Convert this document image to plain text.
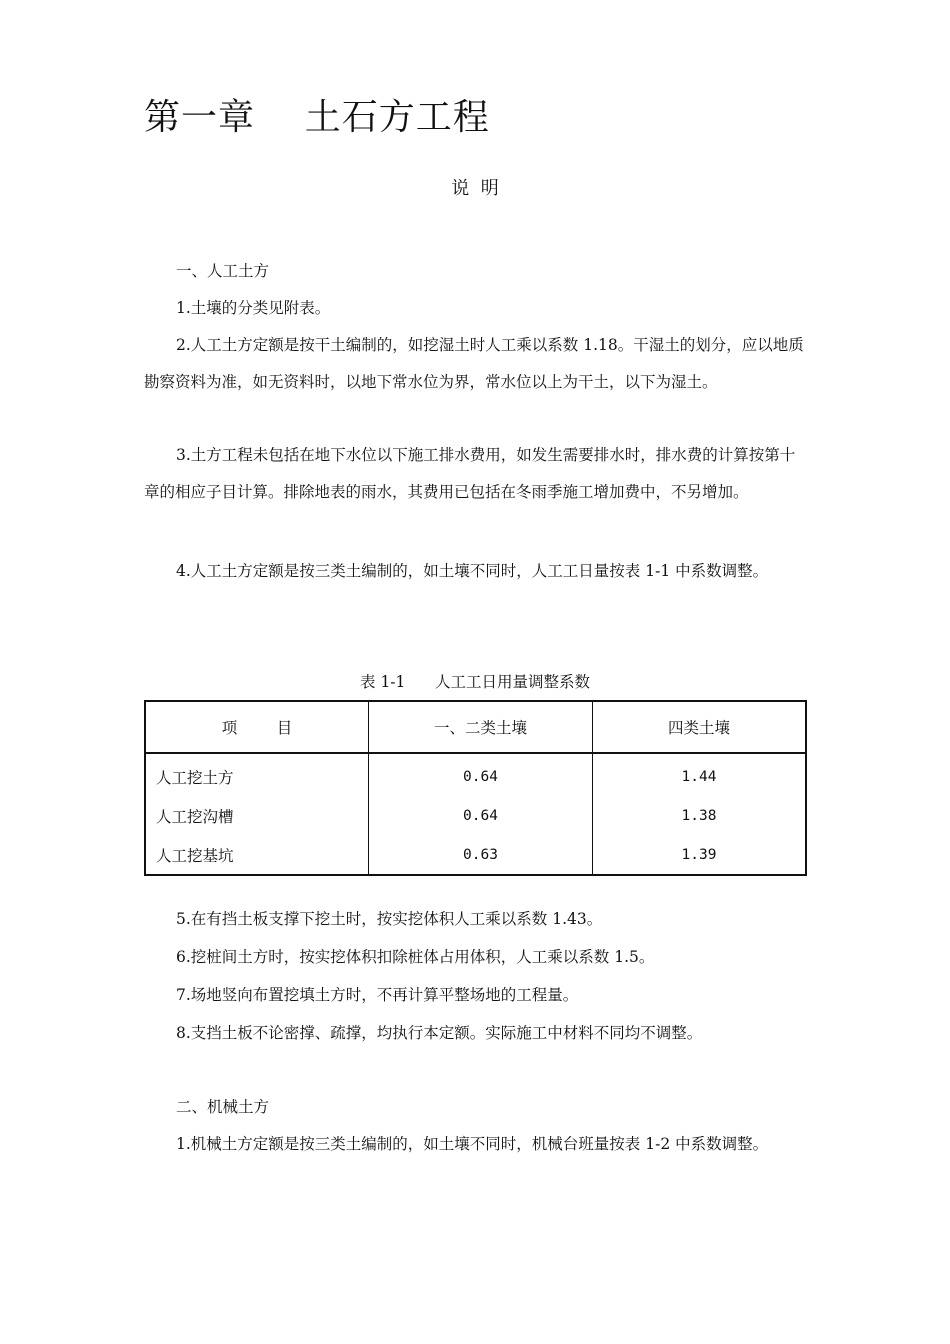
第一章    土石方工程
说  明

一、人工土方

1.土壤的分类见附表。

2.人工土方定额是按干土编制的，如挖湿土时人工乘以系数 1.18。干湿土的划分，应以地质勘察资料为准，如无资料时，以地下常水位为界，常水位以上为干土，以下为湿土。

3.土方工程未包括在地下水位以下施工排水费用，如发生需要排水时，排水费的计算按第十章的相应子目计算。排除地表的雨水，其费用已包括在冬雨季施工增加费中，不另增加。

4.人工土方定额是按三类土编制的，如土壤不同时，人工工日量按表 1-1 中系数调整。

表 1-1      人工工日用量调整系数
项        目	一、二类土壤	四类土壤
人工挖土方	0.64	1.44
人工挖沟槽	0.64	1.38
人工挖基坑	0.63	1.39

5.在有挡土板支撑下挖土时，按实挖体积人工乘以系数 1.43。

6.挖桩间土方时，按实挖体积扣除桩体占用体积，人工乘以系数 1.5。

7.场地竖向布置挖填土方时，不再计算平整场地的工程量。

8.支挡土板不论密撑、疏撑，均执行本定额。实际施工中材料不同均不调整。

二、机械土方

1.机械土方定额是按三类土编制的，如土壤不同时，机械台班量按表 1-2 中系数调整。
